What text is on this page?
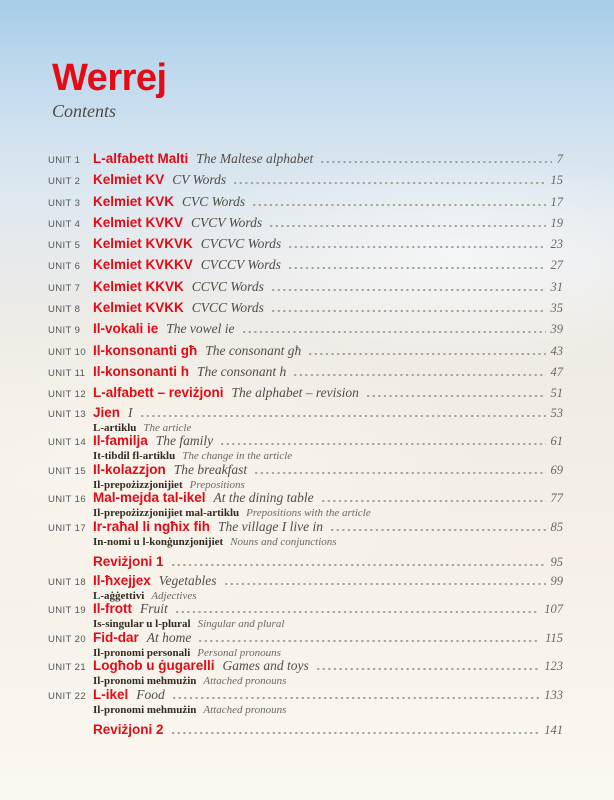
Werrej
Contents
UNIT 1 L-alfabett Malti The Maltese alphabet	7
UNIT 2 Kelmiet KV CV Words	15
UNIT 3 Kelmiet KVK CVC Words	17
UNIT 4 Kelmiet KVKV CVCV Words	19
UNIT 5 Kelmiet KVKVK CVCVC Words	23
UNIT 6 Kelmiet KVKKV CVCCV Words	27
UNIT 7 Kelmiet KKVK CCVC Words	31
UNIT 8 Kelmiet KVKK CVCC Words	35
UNIT 9 Il-vokali ie The vowel ie	39
UNIT 10 Il-konsonanti għ The consonant għ	43
UNIT 11 Il-konsonanti h The consonant h	47
UNIT 12 L-alfabett – reviżjoni The alphabet – revision	51
UNIT 13 Jien I	53
L-artiklu The article
UNIT 14 Il-familja The family	61
It-tibdil fl-artiklu The change in the article
UNIT 15 Il-kolazzjon The breakfast	69
Il-prepożizzjonijiet Prepositions
UNIT 16 Mal-mejda tal-ikel At the dining table	77
Il-prepożizzjonijiet mal-artiklu Prepositions with the article
UNIT 17 Ir-raħal li ngħix fih The village I live in	85
In-nomi u l-konġunzjonijiet Nouns and conjunctions
Reviżjoni 1	95
UNIT 18 Il-ħxejjex Vegetables	99
L-aġġettivi Adjectives
UNIT 19 Il-frott Fruit	107
Is-singular u l-plural Singular and plural
UNIT 20 Fid-dar At home	115
Il-pronomi personali Personal pronouns
UNIT 21 Logħob u ġugarelli Games and toys	123
Il-pronomi mehmużin Attached pronouns
UNIT 22 L-ikel Food	133
Il-pronomi mehmużin Attached pronouns
Reviżjoni 2	141
